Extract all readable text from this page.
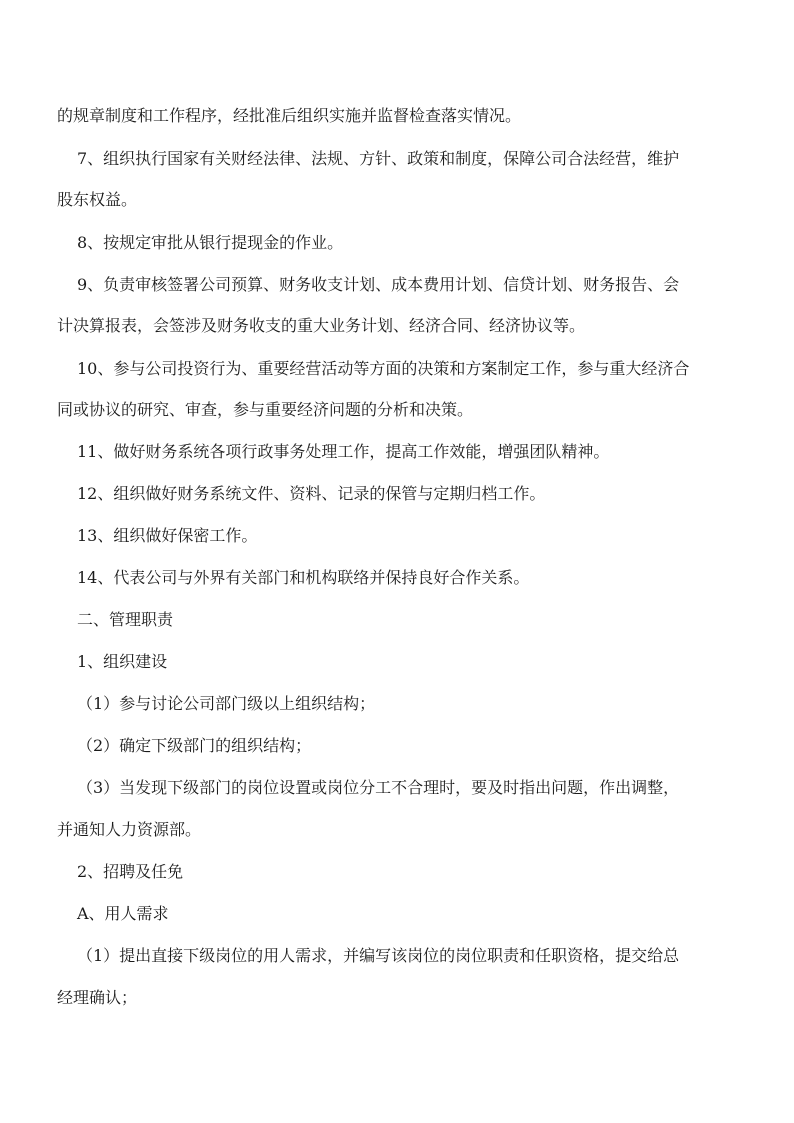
的规章制度和工作程序，经批准后组织实施并监督检查落实情况。

7、组织执行国家有关财经法律、法规、方针、政策和制度，保障公司合法经营，维护

股东权益。

8、按规定审批从银行提现金的作业。

9、负责审核签署公司预算、财务收支计划、成本费用计划、信贷计划、财务报告、会

计决算报表，会签涉及财务收支的重大业务计划、经济合同、经济协议等。

10、参与公司投资行为、重要经营活动等方面的决策和方案制定工作，参与重大经济合

同或协议的研究、审查，参与重要经济问题的分析和决策。

11、做好财务系统各项行政事务处理工作，提高工作效能，增强团队精神。

12、组织做好财务系统文件、资料、记录的保管与定期归档工作。

13、组织做好保密工作。

14、代表公司与外界有关部门和机构联络并保持良好合作关系。

二、管理职责

1、组织建设

（1）参与讨论公司部门级以上组织结构；

（2）确定下级部门的组织结构；

（3）当发现下级部门的岗位设置或岗位分工不合理时，要及时指出问题，作出调整，

并通知人力资源部。

2、招聘及任免

A、用人需求

（1）提出直接下级岗位的用人需求，并编写该岗位的岗位职责和任职资格，提交给总

经理确认；
